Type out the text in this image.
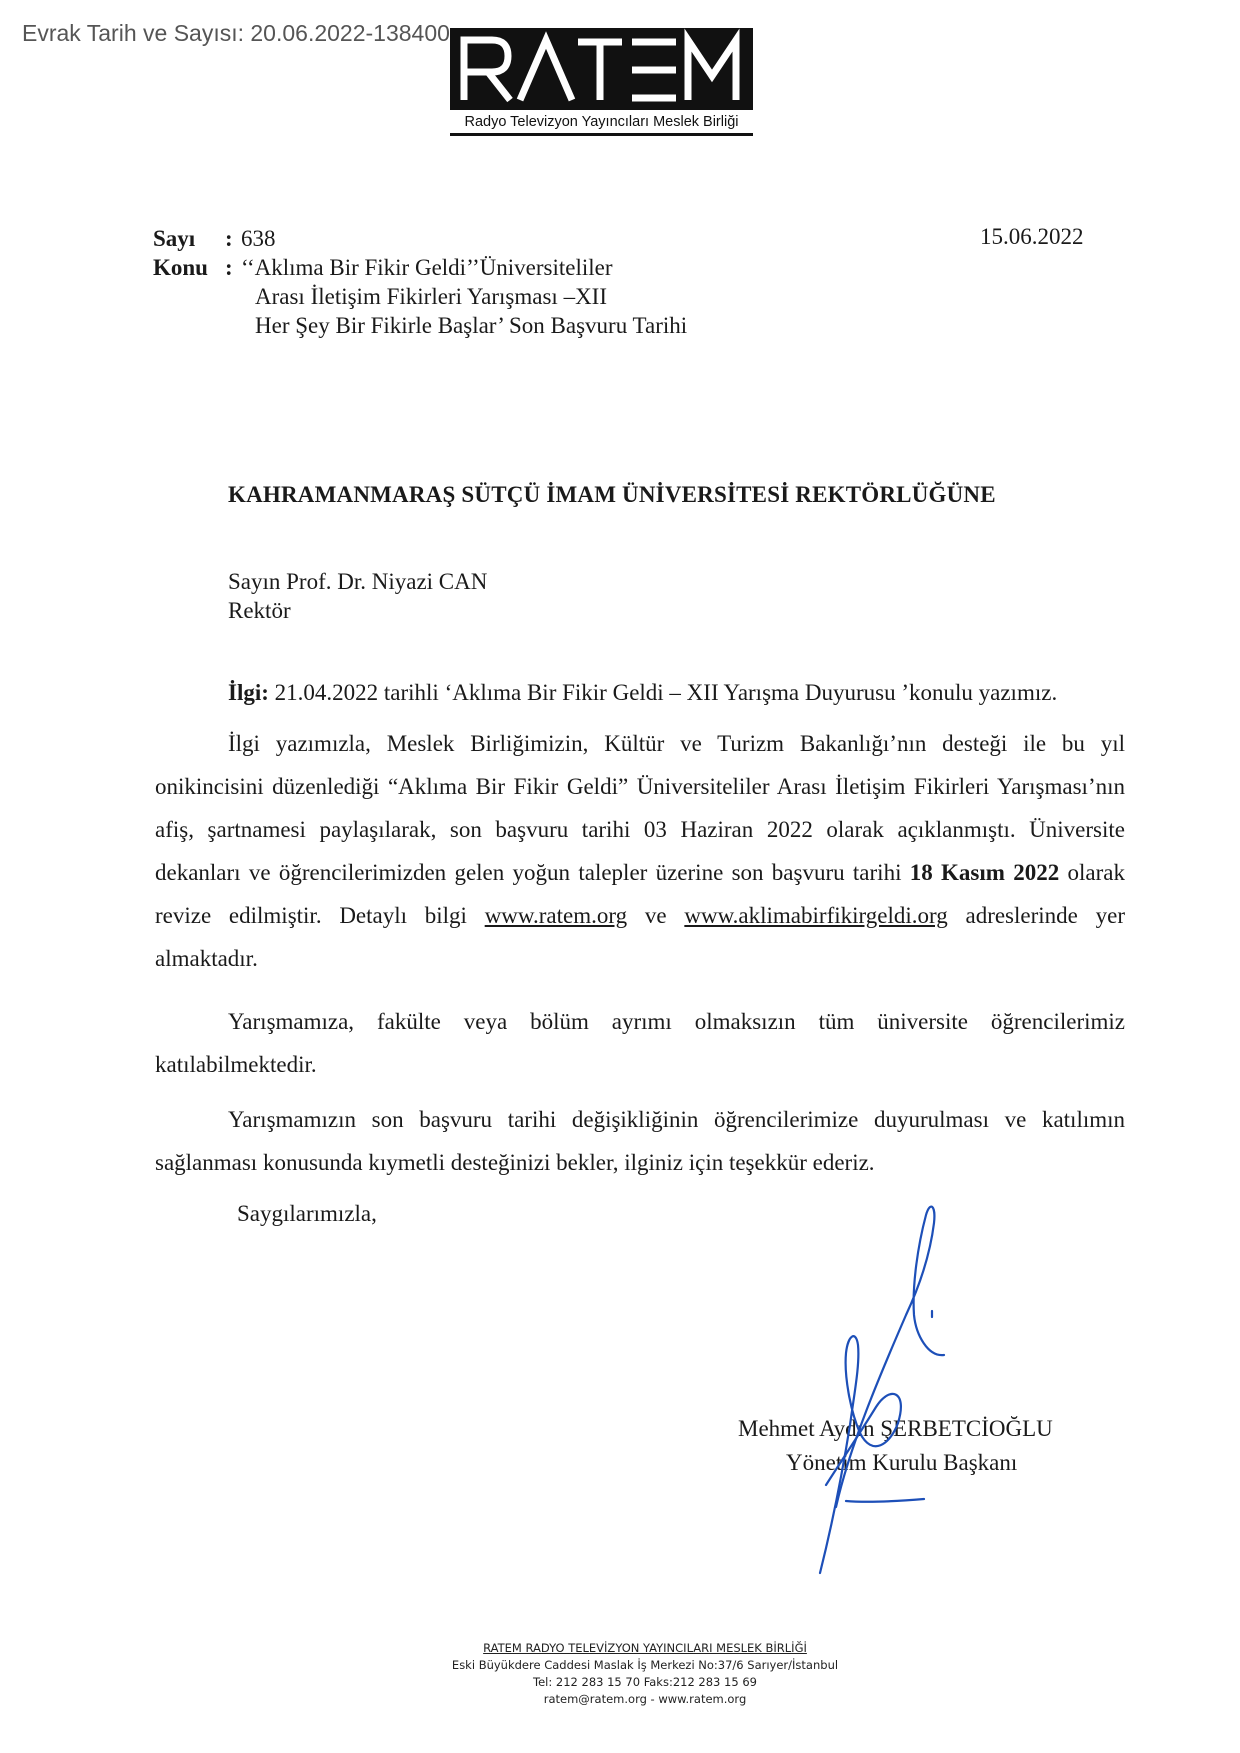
Evrak Tarih ve Sayısı: 20.06.2022-138400
Radyo Televizyon Yayıncıları Meslek Birliği
Sayı	: 638
Konu : ‘‘Aklıma Bir Fikir Geldi’’Üniversiteliler
Arası İletişim Fikirleri Yarışması –XII
Her Şey Bir Fikirle Başlar’ Son Başvuru Tarihi
15.06.2022
KAHRAMANMARAŞ SÜTÇÜ İMAM ÜNİVERSİTESİ REKTÖRLÜĞÜNE
Sayın Prof. Dr. Niyazi CAN
Rektör
İlgi: 21.04.2022 tarihli ‘Aklıma Bir Fikir Geldi – XII Yarışma Duyurusu ’konulu yazımız.

İlgi yazımızla, Meslek Birliğimizin, Kültür ve Turizm Bakanlığı’nın desteği ile bu yıl onikincisini düzenlediği “Aklıma Bir Fikir Geldi” Üniversiteliler Arası İletişim Fikirleri Yarışması’nın afiş, şartnamesi paylaşılarak, son başvuru tarihi 03 Haziran 2022 olarak açıklanmıştı. Üniversite dekanları ve öğrencilerimizden gelen yoğun talepler üzerine son başvuru tarihi 18 Kasım 2022 olarak revize edilmiştir. Detaylı bilgi www.ratem.org ve www.aklimabirfikirgeldi.org adreslerinde yer almaktadır.

Yarışmamıza, fakülte veya bölüm ayrımı olmaksızın tüm üniversite öğrencilerimiz katılabilmektedir.

Yarışmamızın son başvuru tarihi değişikliğinin öğrencilerimize duyurulması ve katılımın sağlanması konusunda kıymetli desteğinizi bekler, ilginiz için teşekkür ederiz.

Saygılarımızla,
Mehmet Aydın ŞERBETCİOĞLU
Yönetim Kurulu Başkanı
RATEM RADYO TELEVİZYON YAYINCILARI MESLEK BİRLİĞİ
Eski Büyükdere Caddesi Maslak İş Merkezi No:37/6 Sarıyer/İstanbul
Tel: 212 283 15 70 Faks:212 283 15 69
ratem@ratem.org - www.ratem.org
